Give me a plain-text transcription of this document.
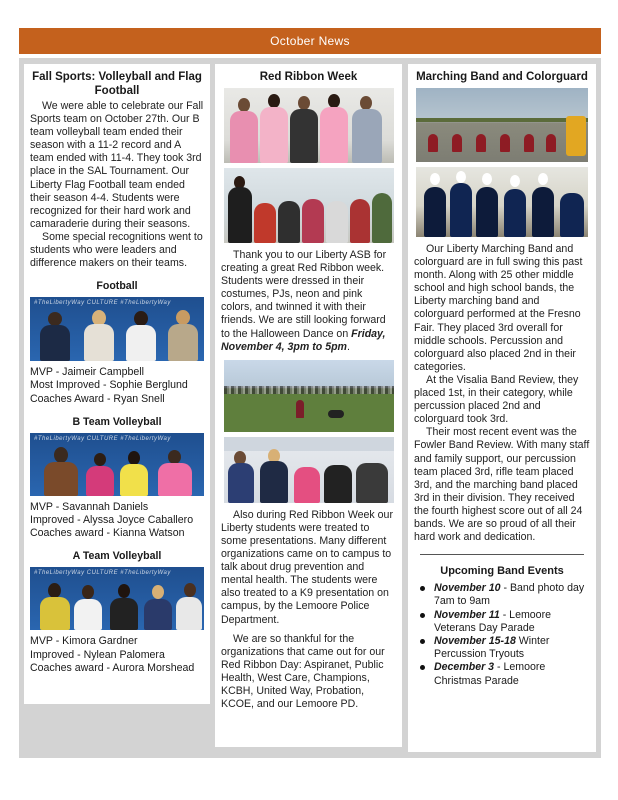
October News
Fall Sports: Volleyball and Flag Football

We were able to celebrate our Fall Sports team on October 27th. Our B team volleyball team ended their season with a 11-2 record and A team ended with 11-4. They took 3rd place in the SAL Tournament. Our Liberty Flag Football team ended their season 4-4. Students were recognized for their hard work and camaraderie during their seasons.

Some special recognitions went to students who were leaders and difference makers on their teams.

Football
#TheLibertyWay CULTURE #TheLibertyWay
MVP - Jaimeir Campbell
Most Improved - Sophie Berglund
Coaches Award - Ryan Snell
B Team Volleyball
#TheLibertyWay CULTURE #TheLibertyWay
MVP - Savannah Daniels
Improved - Alyssa Joyce Caballero
Coaches award - Kianna Watson
A Team Volleyball
#TheLibertyWay CULTURE #TheLibertyWay
MVP - Kimora Gardner
Improved - Nylean Palomera
Coaches award - Aurora Morshead
Red Ribbon Week

Thank you to our Liberty ASB for creating a great Red Ribbon week. Students were dressed in their costumes, PJs, neon and pink colors, and twinned it with their friends. We are still looking forward to the Halloween Dance on Friday, November 4, 3pm to 5pm.

Also during Red Ribbon Week our Liberty students were treated to some presentations. Many different organizations came on to campus to talk about drug prevention and mental health. The students were also treated to a K9 presentation on campus, by the Lemoore Police Department.

We are so thankful for the organizations that came out for our Red Ribbon Day: Aspiranet, Public Health, West Care, Champions, KCBH, United Way, Probation, KCOE, and our Lemoore PD.

Marching Band and Colorguard

Our Liberty Marching Band and colorguard are in full swing this past month. Along with 25 other middle school and high school bands, the Liberty marching band and colorguard performed at the Fresno Fair. They placed 3rd overall for middle schools. Percussion and colorguard also placed 2nd in their categories.

At the Visalia Band Review, they placed 1st, in their category, while percussion placed 2nd and colorguard took 3rd.

Their most recent event was the Fowler Band Review. With many staff and family support, our percussion team placed 3rd, rifle team placed 3rd, and the marching band placed 3rd in their division. They received the fourth highest score out of all 24 bands. We are so proud of all their hard work and dedication.

Upcoming Band Events
November 10 - Band photo day 7am to 9am
November 11 - Lemoore Veterans Day Parade
November 15-18 Winter Percussion Tryouts
December 3 - Lemoore Christmas Parade
